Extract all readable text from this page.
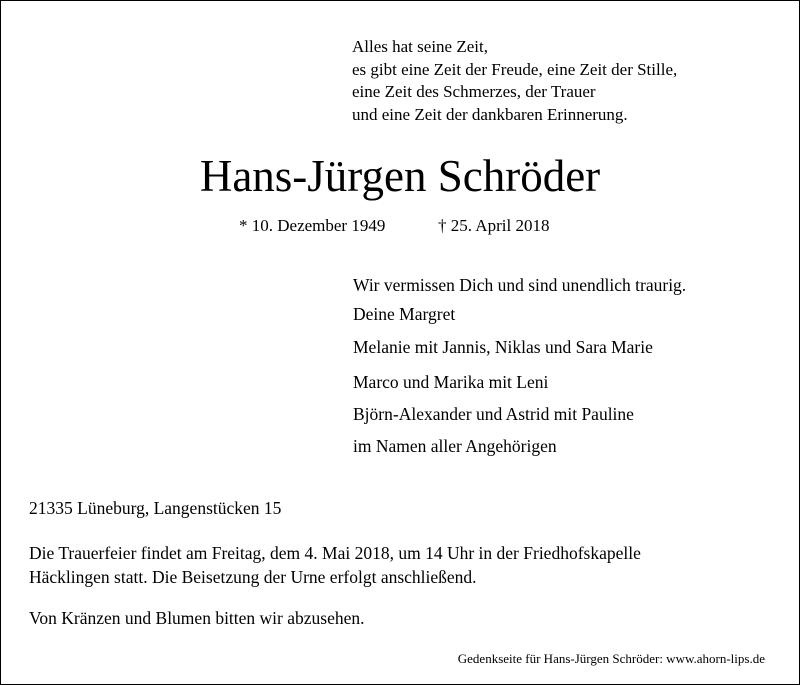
Alles hat seine Zeit,
es gibt eine Zeit der Freude, eine Zeit der Stille,
eine Zeit des Schmerzes, der Trauer
und eine Zeit der dankbaren Erinnerung.
Hans-Jürgen Schröder
* 10. Dezember 1949	† 25. April 2018
Wir vermissen Dich und sind unendlich traurig.
Deine Margret
Melanie mit Jannis, Niklas und Sara Marie
Marco und Marika mit Leni
Björn-Alexander und Astrid mit Pauline
im Namen aller Angehörigen
21335 Lüneburg, Langenstücken 15
Die Trauerfeier findet am Freitag, dem 4. Mai 2018, um 14 Uhr in der Friedhofskapelle
Häcklingen statt. Die Beisetzung der Urne erfolgt anschließend.
Von Kränzen und Blumen bitten wir abzusehen.
Gedenkseite für Hans-Jürgen Schröder: www.ahorn-lips.de
